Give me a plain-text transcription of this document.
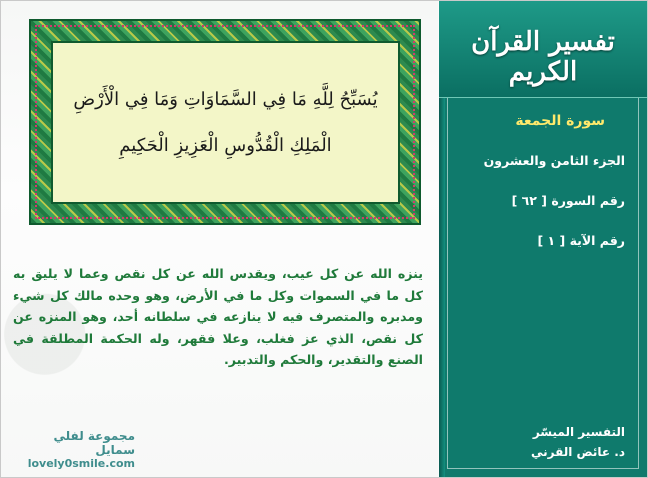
يُسَبِّحُ لِلَّهِ مَا فِي السَّمَاوَاتِ وَمَا فِي الْأَرْضِ
الْمَلِكِ الْقُدُّوسِ الْعَزِيزِ الْحَكِيمِ
ينزه الله عن كل عيب، ويقدس الله عن كل نقص وعما لا يليق به كل ما في السموات وكل ما في الأرض، وهو وحده مالك كل شيء ومدبره والمتصرف فيه لا ينازعه في سلطانه أحد، وهو المنزه عن كل نقص، الذي عز فغلب، وعلا فقهر، وله الحكمة المطلقة في الصنع والتقدير، والحكم والتدبير.
مجموعة لفلي سمايل
lovely0smile.com
تفسير القرآن الكريم
سورة الجمعة
الجزء الثامن والعشرون
رقم السورة [ ٦٢ ]
رقم الآية [ ١ ]
التفسير الميسّر
د. عائض القرني
